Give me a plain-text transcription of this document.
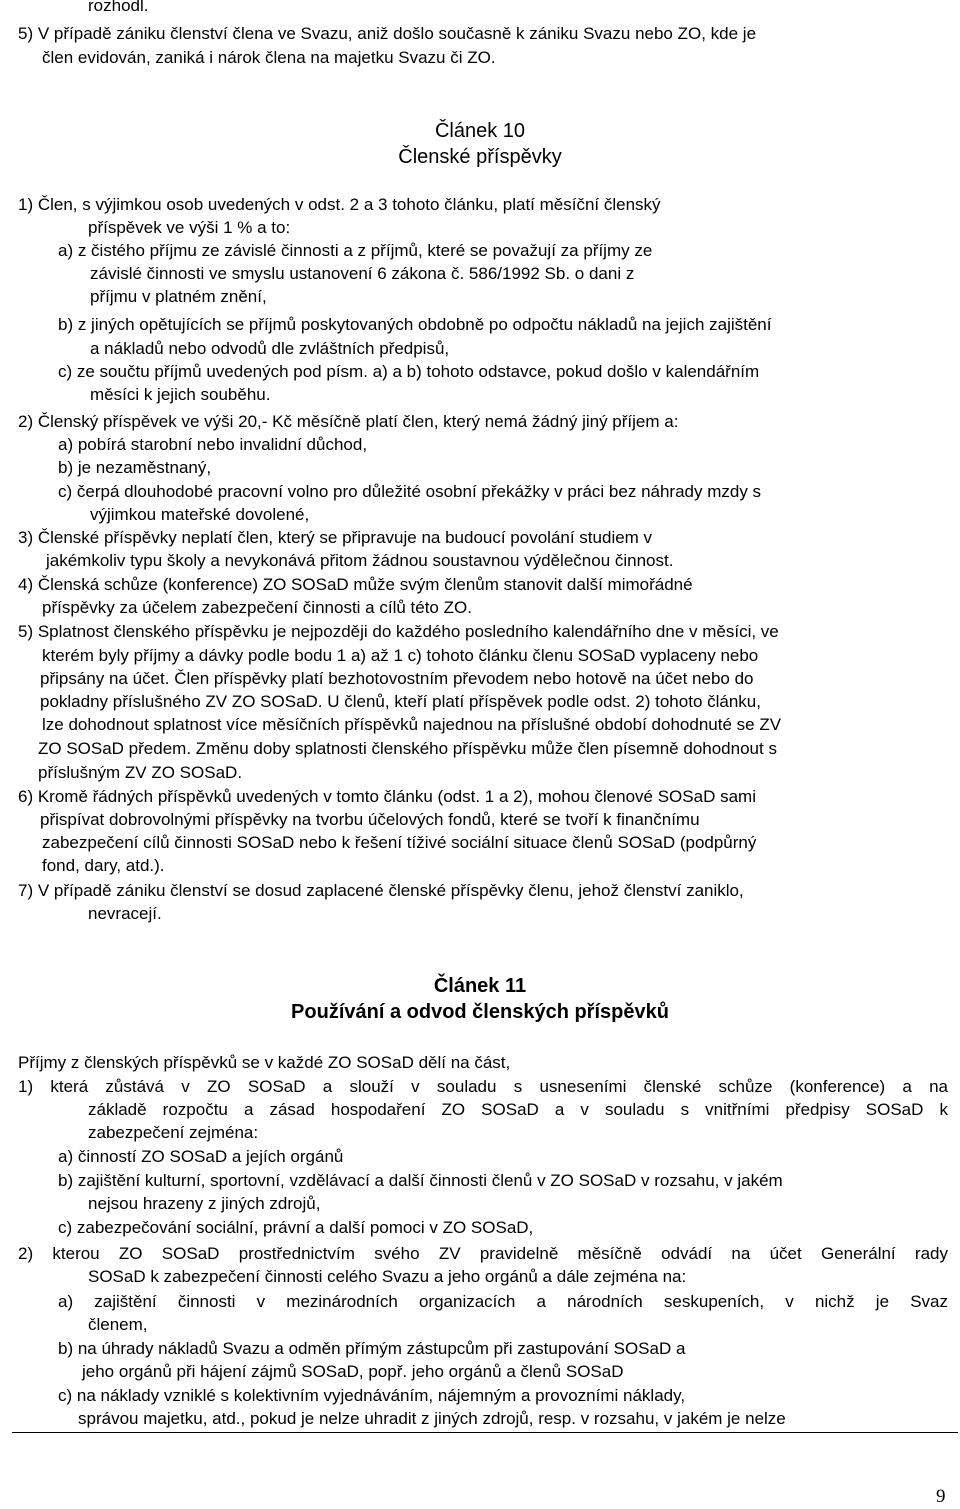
rozhodl.
5) V případě zániku členství člena ve Svazu, aniž došlo současně k zániku Svazu nebo ZO, kde je
člen evidován, zaniká i nárok člena na majetku Svazu či ZO.
Článek 10
Členské příspěvky
1) Člen, s výjimkou osob uvedených v odst. 2 a 3 tohoto článku, platí měsíční členský
příspěvek ve výši 1 % a to:
a) z čistého příjmu ze závislé činnosti a z příjmů, které se považují za příjmy ze
závislé činnosti ve smyslu ustanovení 6 zákona č. 586/1992 Sb. o dani z
příjmu v platném znění,
b) z jiných opětujících se příjmů poskytovaných obdobně po odpočtu nákladů na jejich zajištění
a nákladů nebo odvodů dle zvláštních předpisů,
c) ze součtu příjmů uvedených pod písm. a) a b) tohoto odstavce, pokud došlo v kalendářním
měsíci k jejich souběhu.
2) Členský příspěvek ve výši 20,- Kč měsíčně platí člen, který nemá žádný jiný příjem a:
a) pobírá starobní nebo invalidní důchod,
b) je nezaměstnaný,
c) čerpá dlouhodobé pracovní volno pro důležité osobní překážky v práci bez náhrady mzdy s
výjimkou mateřské dovolené,
3) Členské příspěvky neplatí člen, který se připravuje na budoucí povolání studiem v
jakémkoliv typu školy a nevykonává přitom žádnou soustavnou výdělečnou činnost.
4) Členská schůze (konference) ZO SOSaD může svým členům stanovit další mimořádné
příspěvky za účelem zabezpečení činnosti a cílů této ZO.
5) Splatnost členského příspěvku je nejpozději do každého posledního kalendářního dne v měsíci, ve
kterém byly příjmy a dávky podle bodu 1 a) až 1 c) tohoto článku členu SOSaD vyplaceny nebo
připsány na účet. Člen příspěvky platí bezhotovostním převodem nebo hotově na účet nebo do
pokladny příslušného ZV ZO SOSaD. U členů, kteří platí příspěvek podle odst. 2) tohoto článku,
lze dohodnout splatnost více měsíčních příspěvků najednou na příslušné období dohodnuté se ZV
ZO SOSaD předem. Změnu doby splatnosti členského příspěvku může člen písemně dohodnout s
příslušným ZV ZO SOSaD.
6) Kromě řádných příspěvků uvedených v tomto článku (odst. 1 a 2), mohou členové SOSaD sami
přispívat dobrovolnými příspěvky na tvorbu účelových fondů, které se tvoří k finančnímu
zabezpečení cílů činnosti SOSaD nebo k řešení tíživé sociální situace členů SOSaD (podpůrný
fond, dary, atd.).
7) V případě zániku členství se dosud zaplacené členské příspěvky členu, jehož členství zaniklo,
nevracejí.
Článek 11
Používání a odvod členských příspěvků
Příjmy z členských příspěvků se v každé ZO SOSaD dělí na část,
1) která zůstává v ZO SOSaD a slouží v souladu s usneseními členské schůze (konference) a na
základě rozpočtu a zásad hospodaření ZO SOSaD a v souladu s vnitřními předpisy SOSaD k
zabezpečení zejména:
a) činností ZO SOSaD a jejích orgánů
b) zajištění kulturní, sportovní, vzdělávací a další činnosti členů v ZO SOSaD v rozsahu, v jakém
nejsou hrazeny z jiných zdrojů,
c) zabezpečování sociální, právní a další pomoci v ZO SOSaD,
2) kterou ZO SOSaD prostřednictvím svého ZV pravidelně měsíčně odvádí na účet Generální rady
SOSaD k zabezpečení činnosti celého Svazu a jeho orgánů a dále zejména na:
a) zajištění činnosti v mezinárodních organizacích a národních seskupeních, v nichž je Svaz
členem,
b) na úhrady nákladů Svazu a odměn přímým zástupcům při zastupování SOSaD a
jeho orgánů při hájení zájmů SOSaD, popř. jeho orgánů a členů SOSaD
c) na náklady vzniklé s kolektivním vyjednáváním, nájemným a provozními náklady,
správou majetku, atd., pokud je nelze uhradit z jiných zdrojů, resp. v rozsahu, v jakém je nelze
9
